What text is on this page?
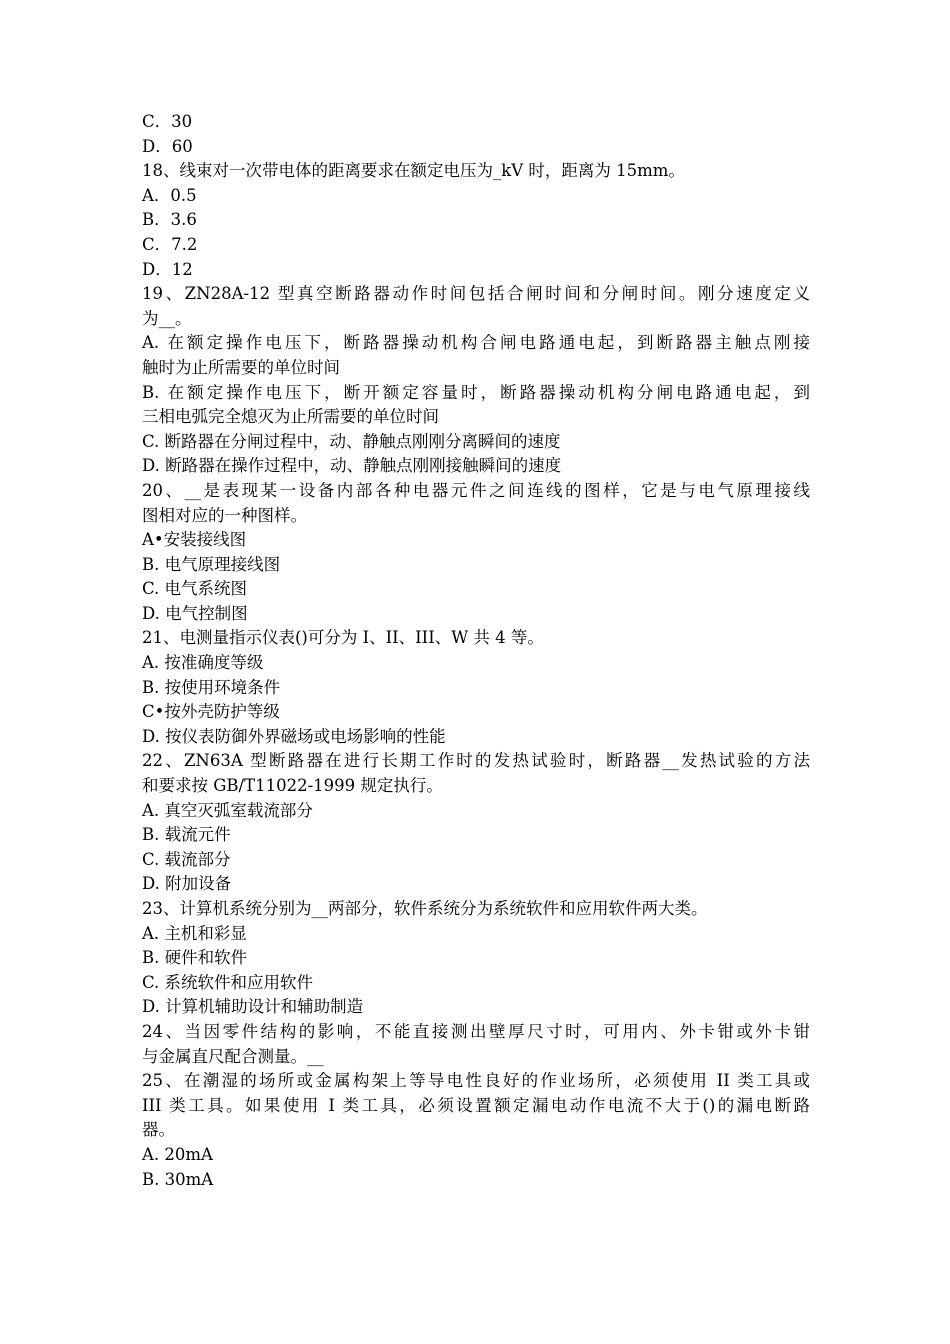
C．30
D．60
18、线束对一次带电体的距离要求在额定电压为_kV 时，距离为 15mm。
A．0.5
B．3.6
C．7.2
D．12
19、ZN28A-12 型真空断路器动作时间包括合闸时间和分闸时间。刚分速度定义
为__。
A. 在额定操作电压下，断路器操动机构合闸电路通电起，到断路器主触点刚接
触时为止所需要的单位时间
B. 在额定操作电压下，断开额定容量时，断路器操动机构分闸电路通电起，到
三相电弧完全熄灭为止所需要的单位时间
C. 断路器在分闸过程中，动、静触点刚刚分离瞬间的速度
D. 断路器在操作过程中，动、静触点刚刚接触瞬间的速度
20、__是表现某一设备内部各种电器元件之间连线的图样，它是与电气原理接线
图相对应的一种图样。
A•安装接线图
B. 电气原理接线图
C. 电气系统图
D. 电气控制图
21、电测量指示仪表()可分为 I、II、III、W 共 4 等。
A. 按准确度等级
B. 按使用环境条件
C•按外壳防护等级
D. 按仪表防御外界磁场或电场影响的性能
22、ZN63A 型断路器在进行长期工作时的发热试验时，断路器__发热试验的方法
和要求按 GB/T11022-1999 规定执行。
A. 真空灭弧室载流部分
B. 载流元件
C. 载流部分
D. 附加设备
23、计算机系统分别为__两部分，软件系统分为系统软件和应用软件两大类。
A. 主机和彩显
B. 硬件和软件
C. 系统软件和应用软件
D. 计算机辅助设计和辅助制造
24、当因零件结构的影响，不能直接测出壁厚尺寸时，可用内、外卡钳或外卡钳
与金属直尺配合测量。__
25、在潮湿的场所或金属构架上等导电性良好的作业场所，必须使用 II 类工具或
III 类工具。如果使用 I 类工具，必须设置额定漏电动作电流不大于()的漏电断路
器。
A. 20mA
B. 30mA
